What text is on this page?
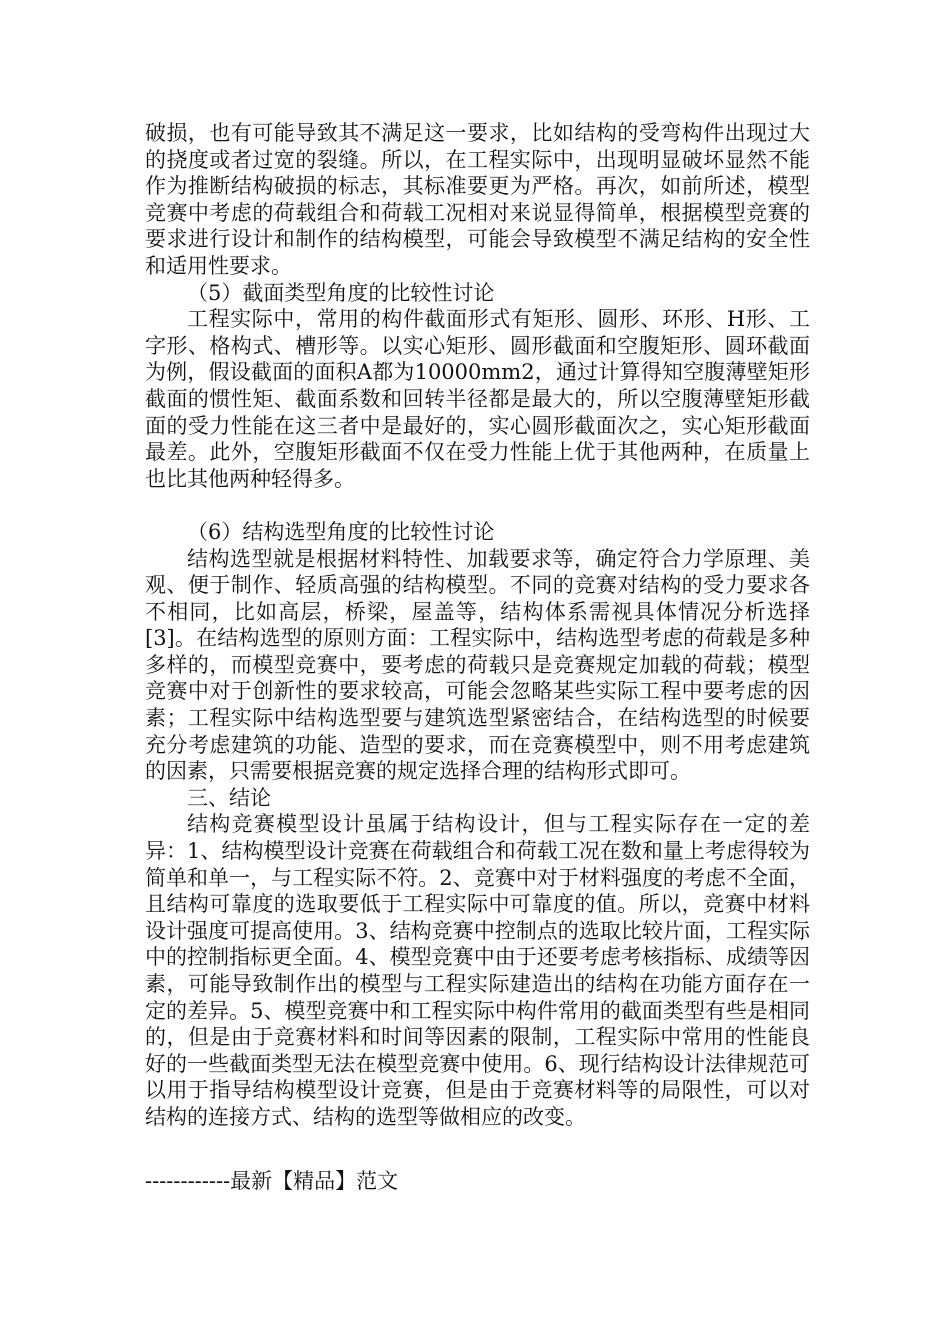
破损，也有可能导致其不满足这一要求，比如结构的受弯构件出现过大的挠度或者过宽的裂缝。所以，在工程实际中，出现明显破坏显然不能作为推断结构破损的标志，其标准要更为严格。再次，如前所述，模型竞赛中考虑的荷载组合和荷载工况相对来说显得简单，根据模型竞赛的要求进行设计和制作的结构模型，可能会导致模型不满足结构的安全性和适用性要求。

（5）截面类型角度的比较性讨论

工程实际中，常用的构件截面形式有矩形、圆形、环形、H形、工字形、格构式、槽形等。以实心矩形、圆形截面和空腹矩形、圆环截面为例，假设截面的面积A都为10000mm2，通过计算得知空腹薄壁矩形截面的惯性矩、截面系数和回转半径都是最大的，所以空腹薄壁矩形截面的受力性能在这三者中是最好的，实心圆形截面次之，实心矩形截面最差。此外，空腹矩形截面不仅在受力性能上优于其他两种，在质量上也比其他两种轻得多。

（6）结构选型角度的比较性讨论

结构选型就是根据材料特性、加载要求等，确定符合力学原理、美观、便于制作、轻质高强的结构模型。不同的竞赛对结构的受力要求各不相同，比如高层，桥梁，屋盖等，结构体系需视具体情况分析选择[3]。在结构选型的原则方面：工程实际中，结构选型考虑的荷载是多种多样的，而模型竞赛中，要考虑的荷载只是竞赛规定加载的荷载；模型竞赛中对于创新性的要求较高，可能会忽略某些实际工程中要考虑的因素；工程实际中结构选型要与建筑选型紧密结合，在结构选型的时候要充分考虑建筑的功能、造型的要求，而在竞赛模型中，则不用考虑建筑的因素，只需要根据竞赛的规定选择合理的结构形式即可。

三、结论

结构竞赛模型设计虽属于结构设计，但与工程实际存在一定的差异：1、结构模型设计竞赛在荷载组合和荷载工况在数和量上考虑得较为简单和单一，与工程实际不符。2、竞赛中对于材料强度的考虑不全面，且结构可靠度的选取要低于工程实际中可靠度的值。所以，竞赛中材料设计强度可提高使用。3、结构竞赛中控制点的选取比较片面，工程实际中的控制指标更全面。4、模型竞赛中由于还要考虑考核指标、成绩等因素，可能导致制作出的模型与工程实际建造出的结构在功能方面存在一定的差异。5、模型竞赛中和工程实际中构件常用的截面类型有些是相同的，但是由于竞赛材料和时间等因素的限制，工程实际中常用的性能良好的一些截面类型无法在模型竞赛中使用。6、现行结构设计法律规范可以用于指导结构模型设计竞赛，但是由于竞赛材料等的局限性，可以对结构的连接方式、结构的选型等做相应的改变。

------------最新【精品】范文
